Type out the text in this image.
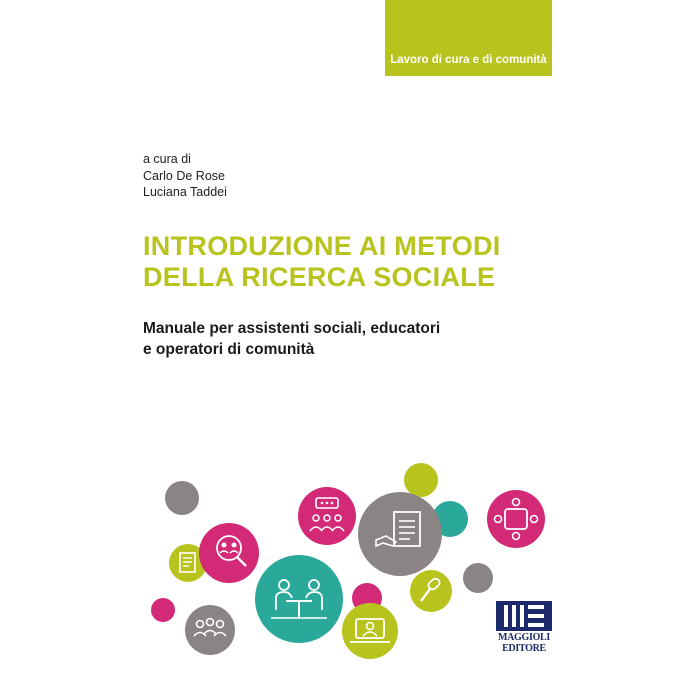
Lavoro di cura e di comunità
a cura di
Carlo De Rose
Luciana Taddei
INTRODUZIONE AI METODI
DELLA RICERCA SOCIALE
Manuale per assistenti sociali, educatori
e operatori di comunità
MAGGIOLI
EDITORE
